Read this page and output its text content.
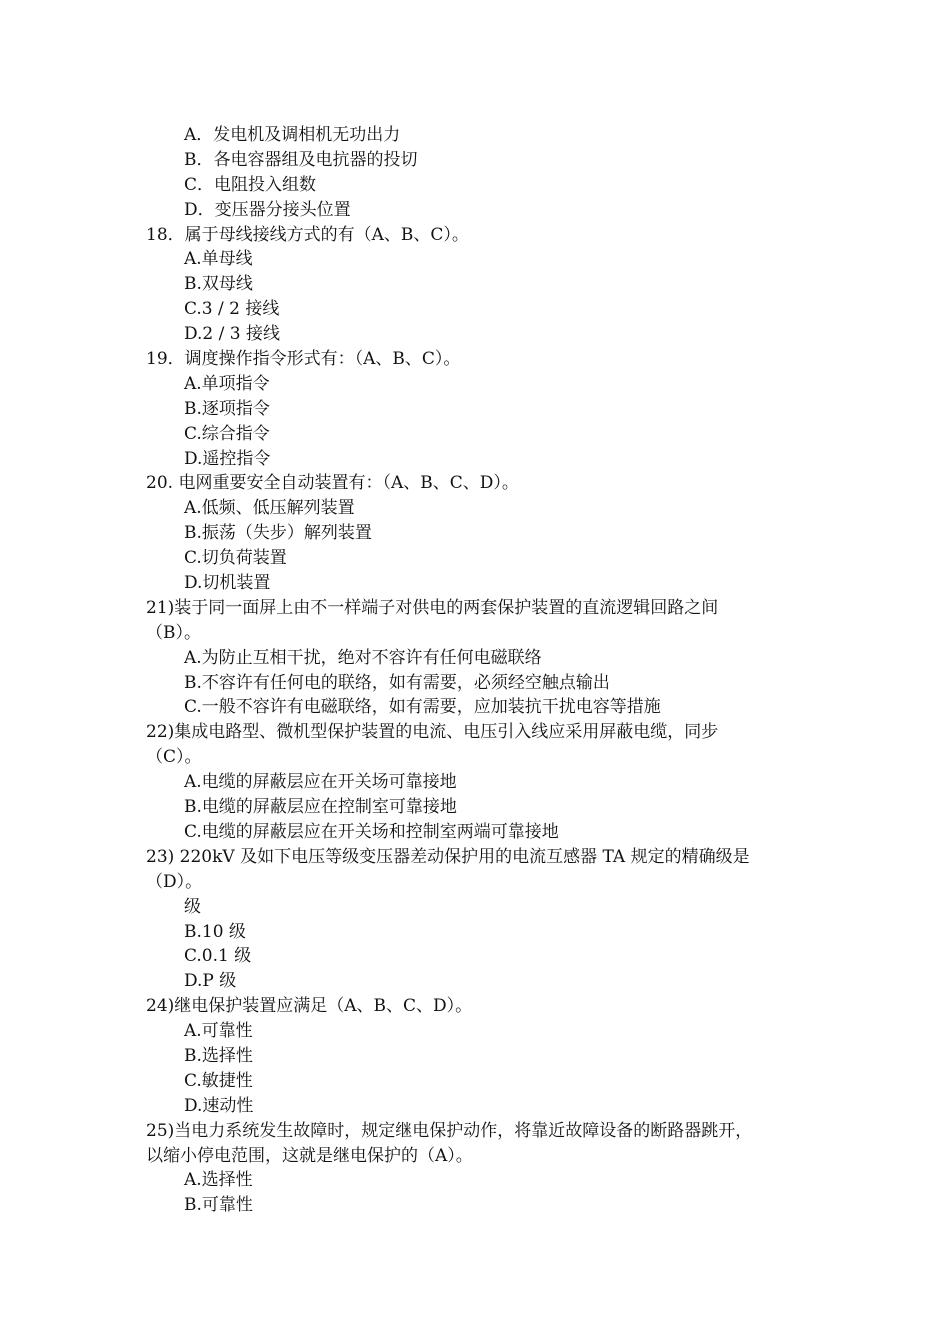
A．发电机及调相机无功出力
B．各电容器组及电抗器的投切
C．电阻投入组数
D．变压器分接头位置
18．属于母线接线方式的有（A、B、C）。
A.单母线
B.双母线
C.3 / 2 接线
D.2 / 3 接线
19．调度操作指令形式有：（A、B、C）。
A.单项指令
B.逐项指令
C.综合指令
D.遥控指令
20. 电网重要安全自动装置有：（A、B、C、D）。
A.低频、低压解列装置
B.振荡（失步）解列装置
C.切负荷装置
D.切机装置
21)装于同一面屏上由不一样端子对供电的两套保护装置的直流逻辑回路之间
（B）。
A.为防止互相干扰，绝对不容许有任何电磁联络
B.不容许有任何电的联络，如有需要，必须经空触点输出
C.一般不容许有电磁联络，如有需要，应加装抗干扰电容等措施
22)集成电路型、微机型保护装置的电流、电压引入线应采用屏蔽电缆，同步
（C）。
A.电缆的屏蔽层应在开关场可靠接地
B.电缆的屏蔽层应在控制室可靠接地
C.电缆的屏蔽层应在开关场和控制室两端可靠接地
23) 220kV 及如下电压等级变压器差动保护用的电流互感器 TA 规定的精确级是
（D）。
级
B.10 级
C.0.1 级
D.P 级
24)继电保护装置应满足（A、B、C、D）。
A.可靠性
B.选择性
C.敏捷性
D.速动性
25)当电力系统发生故障时，规定继电保护动作，将靠近故障设备的断路器跳开，
以缩小停电范围，这就是继电保护的（A）。
A.选择性
B.可靠性
